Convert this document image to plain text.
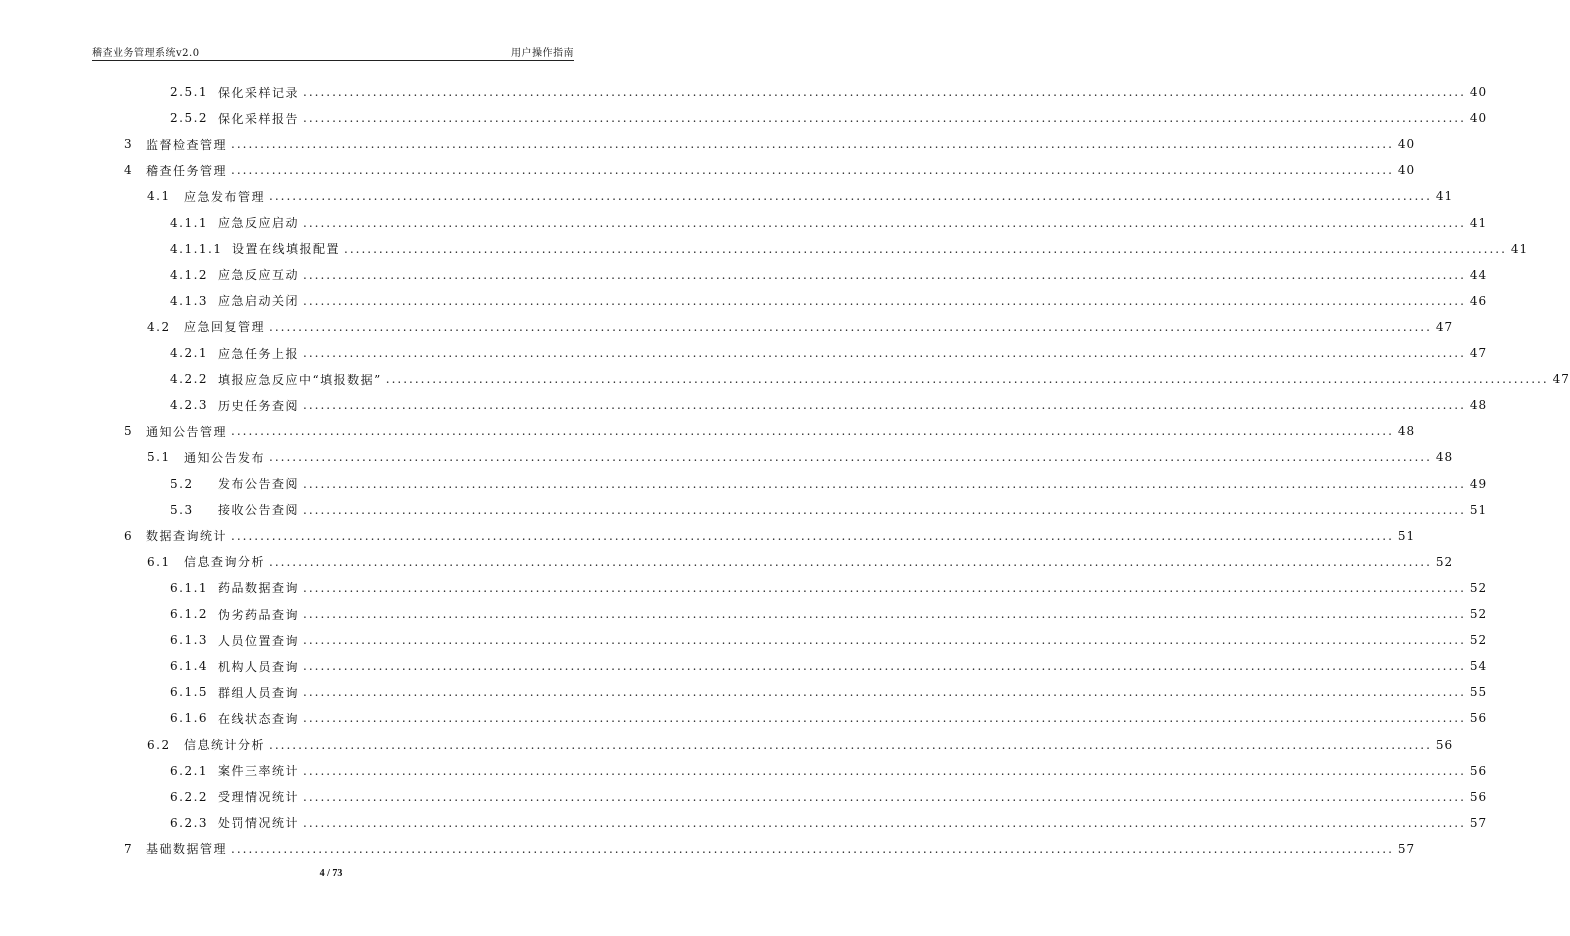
稽查业务管理系统v2.0	用户操作指南
2.5.1 保化采样记录 ........................................................................................................................................................................................................ 40
2.5.2 保化采样报告 ........................................................................................................................................................................................................ 40
3	监督检查管理 ........................................................................................................................................................................................................ 40
4	稽查任务管理 ........................................................................................................................................................................................................ 40
4.1	应急发布管理 ........................................................................................................................................................................................................ 41
4.1.1 应急反应启动 ........................................................................................................................................................................................................ 41
4.1.1.1 设置在线填报配置 ........................................................................................................................................................................................................ 41
4.1.2 应急反应互动 ........................................................................................................................................................................................................ 44
4.1.3 应急启动关闭 ........................................................................................................................................................................................................ 46
4.2	应急回复管理 ........................................................................................................................................................................................................ 47
4.2.1 应急任务上报 ........................................................................................................................................................................................................ 47
4.2.2 填报应急反应中“填报数据” ........................................................................................................................................................................................................ 47
4.2.3 历史任务查阅 ........................................................................................................................................................................................................ 48
5	通知公告管理 ........................................................................................................................................................................................................ 48
5.1	通知公告发布 ........................................................................................................................................................................................................ 48
5.2	发布公告查阅 ........................................................................................................................................................................................................ 49
5.3	接收公告查阅 ........................................................................................................................................................................................................ 51
6	数据查询统计 ........................................................................................................................................................................................................ 51
6.1	信息查询分析 ........................................................................................................................................................................................................ 52
6.1.1 药品数据查询 ........................................................................................................................................................................................................ 52
6.1.2 伪劣药品查询 ........................................................................................................................................................................................................ 52
6.1.3 人员位置查询 ........................................................................................................................................................................................................ 52
6.1.4 机构人员查询 ........................................................................................................................................................................................................ 54
6.1.5 群组人员查询 ........................................................................................................................................................................................................ 55
6.1.6 在线状态查询 ........................................................................................................................................................................................................ 56
6.2	信息统计分析 ........................................................................................................................................................................................................ 56
6.2.1 案件三率统计 ........................................................................................................................................................................................................ 56
6.2.2 受理情况统计 ........................................................................................................................................................................................................ 56
6.2.3 处罚情况统计 ........................................................................................................................................................................................................ 57
7	基础数据管理 ........................................................................................................................................................................................................ 57
4 / 73
